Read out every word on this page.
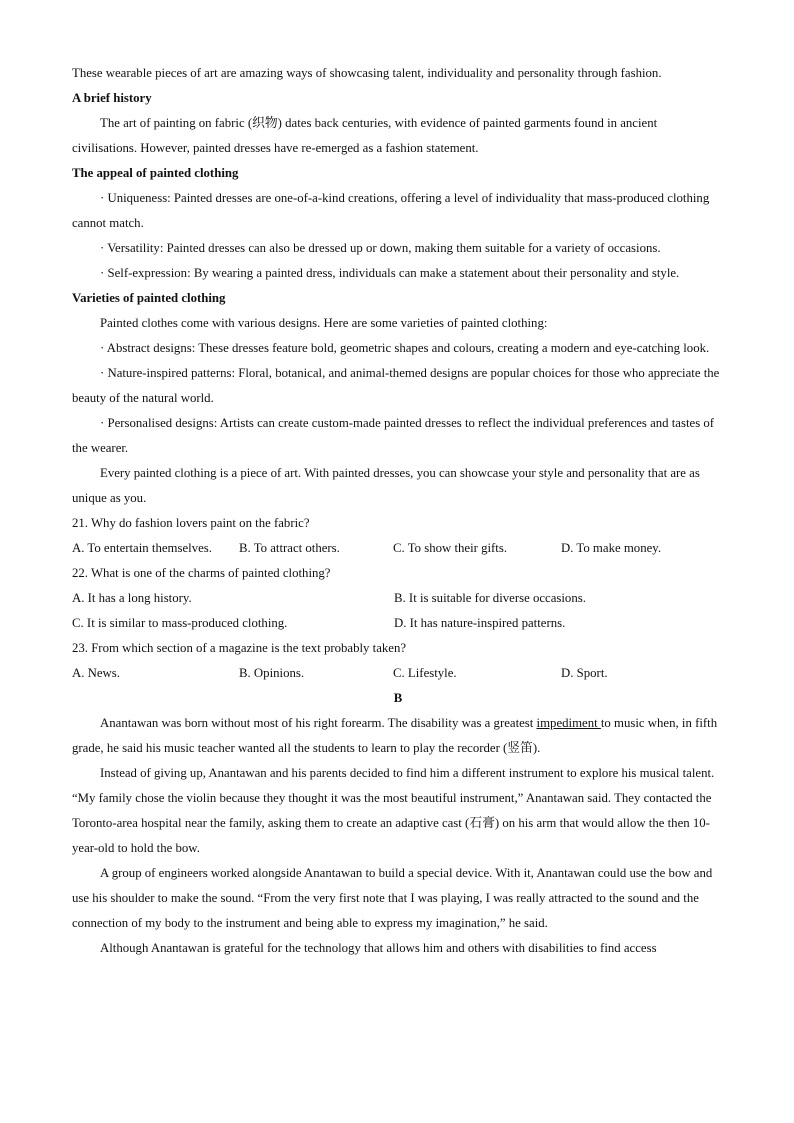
These wearable pieces of art are amazing ways of showcasing talent, individuality and personality through fashion.

A brief history

The art of painting on fabric (织物) dates back centuries, with evidence of painted garments found in ancient civilisations. However, painted dresses have re-emerged as a fashion statement.

The appeal of painted clothing

· Uniqueness: Painted dresses are one-of-a-kind creations, offering a level of individuality that mass-produced clothing cannot match.

· Versatility: Painted dresses can also be dressed up or down, making them suitable for a variety of occasions.

· Self-expression: By wearing a painted dress, individuals can make a statement about their personality and style.

Varieties of painted clothing

Painted clothes come with various designs. Here are some varieties of painted clothing:

· Abstract designs: These dresses feature bold, geometric shapes and colours, creating a modern and eye-catching look.

· Nature-inspired patterns: Floral, botanical, and animal-themed designs are popular choices for those who appreciate the beauty of the natural world.

· Personalised designs: Artists can create custom-made painted dresses to reflect the individual preferences and tastes of the wearer.

Every painted clothing is a piece of art. With painted dresses, you can showcase your style and personality that are as unique as you.

21. Why do fashion lovers paint on the fabric?

A. To entertain themselves.	B. To attract others.	C. To show their gifts.	D. To make money.

22. What is one of the charms of painted clothing?

A. It has a long history.	B. It is suitable for diverse occasions.
C. It is similar to mass-produced clothing.	D. It has nature-inspired patterns.

23. From which section of a magazine is the text probably taken?

A. News.	B. Opinions.	C. Lifestyle.	D. Sport.

B

Anantawan was born without most of his right forearm. The disability was a greatest impediment to music when, in fifth grade, he said his music teacher wanted all the students to learn to play the recorder (竖笛).

Instead of giving up, Anantawan and his parents decided to find him a different instrument to explore his musical talent. “My family chose the violin because they thought it was the most beautiful instrument,” Anantawan said. They contacted the Toronto-area hospital near the family, asking them to create an adaptive cast (石膏) on his arm that would allow the then 10-year-old to hold the bow.

A group of engineers worked alongside Anantawan to build a special device. With it, Anantawan could use the bow and use his shoulder to make the sound. “From the very first note that I was playing, I was really attracted to the sound and the connection of my body to the instrument and being able to express my imagination,” he said.

Although Anantawan is grateful for the technology that allows him and others with disabilities to find access
